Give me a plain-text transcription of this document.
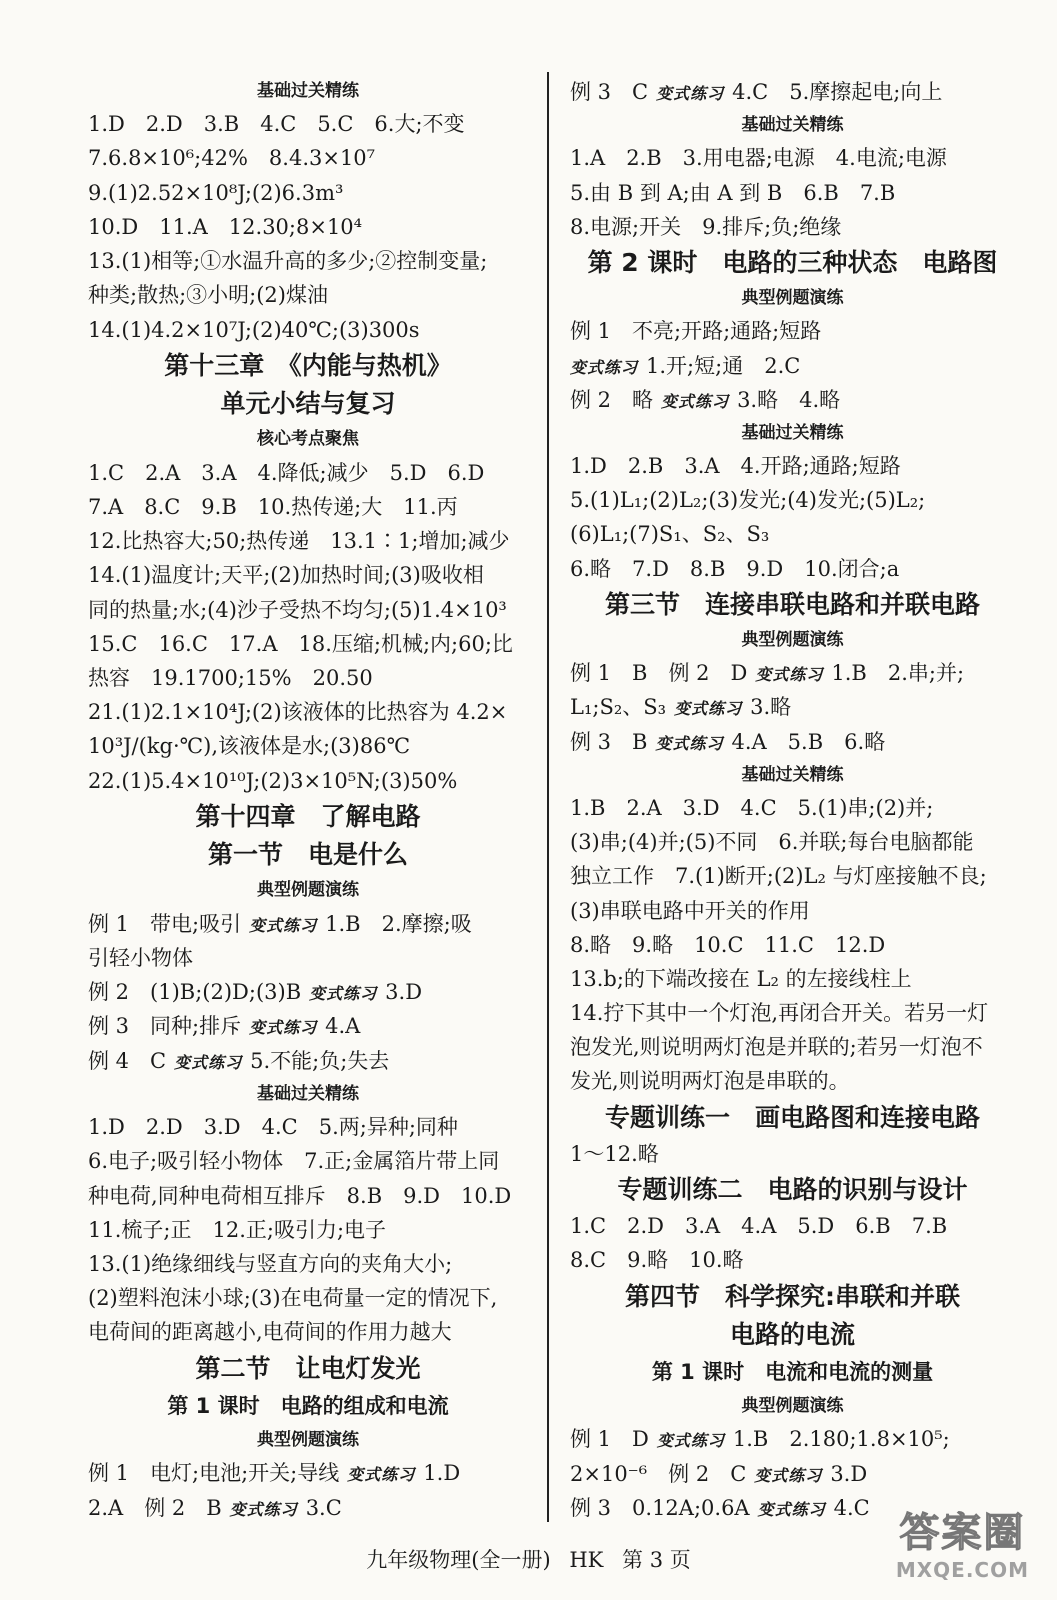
基础过关精练
1.D　2.D　3.B　4.C　5.C　6.大;不变
7.6.8×10⁶;42%　8.4.3×10⁷
9.(1)2.52×10⁸J;(2)6.3m³
10.D　11.A　12.30;8×10⁴
13.(1)相等;①水温升高的多少;②控制变量;
种类;散热;③小明;(2)煤油
14.(1)4.2×10⁷J;(2)40℃;(3)300s
第十三章　《内能与热机》
单元小结与复习
核心考点聚焦
1.C　2.A　3.A　4.降低;减少　5.D　6.D
7.A　8.C　9.B　10.热传递;大　11.丙
12.比热容大;50;热传递　13.1∶1;增加;减少
14.(1)温度计;天平;(2)加热时间;(3)吸收相
同的热量;水;(4)沙子受热不均匀;(5)1.4×10³
15.C　16.C　17.A　18.压缩;机械;内;60;比
热容　19.1700;15%　20.50
21.(1)2.1×10⁴J;(2)该液体的比热容为 4.2×
10³J/(kg·℃),该液体是水;(3)86℃
22.(1)5.4×10¹⁰J;(2)3×10⁵N;(3)50%
第十四章　了解电路
第一节　电是什么
典型例题演练
例 1　带电;吸引 变式练习 1.B　2.摩擦;吸
引轻小物体
例 2　(1)B;(2)D;(3)B 变式练习 3.D
例 3　同种;排斥 变式练习 4.A
例 4　C 变式练习 5.不能;负;失去
基础过关精练
1.D　2.D　3.D　4.C　5.两;异种;同种
6.电子;吸引轻小物体　7.正;金属箔片带上同
种电荷,同种电荷相互排斥　8.B　9.D　10.D
11.梳子;正　12.正;吸引力;电子
13.(1)绝缘细线与竖直方向的夹角大小;
(2)塑料泡沫小球;(3)在电荷量一定的情况下,
电荷间的距离越小,电荷间的作用力越大
第二节　让电灯发光
第 1 课时　电路的组成和电流
典型例题演练
例 1　电灯;电池;开关;导线 变式练习 1.D
2.A　例 2　B 变式练习 3.C
例 3　C 变式练习 4.C　5.摩擦起电;向上
基础过关精练
1.A　2.B　3.用电器;电源　4.电流;电源
5.由 B 到 A;由 A 到 B　6.B　7.B
8.电源;开关　9.排斥;负;绝缘
第 2 课时　电路的三种状态　电路图
典型例题演练
例 1　不亮;开路;通路;短路
变式练习 1.开;短;通　2.C
例 2　略 变式练习 3.略　4.略
基础过关精练
1.D　2.B　3.A　4.开路;通路;短路
5.(1)L₁;(2)L₂;(3)发光;(4)发光;(5)L₂;
(6)L₁;(7)S₁、S₂、S₃
6.略　7.D　8.B　9.D　10.闭合;a
第三节　连接串联电路和并联电路
典型例题演练
例 1　B　例 2　D 变式练习 1.B　2.串;并;
L₁;S₂、S₃ 变式练习 3.略
例 3　B 变式练习 4.A　5.B　6.略
基础过关精练
1.B　2.A　3.D　4.C　5.(1)串;(2)并;
(3)串;(4)并;(5)不同　6.并联;每台电脑都能
独立工作　7.(1)断开;(2)L₂ 与灯座接触不良;
(3)串联电路中开关的作用
8.略　9.略　10.C　11.C　12.D
13.b;的下端改接在 L₂ 的左接线柱上
14.拧下其中一个灯泡,再闭合开关。若另一灯
泡发光,则说明两灯泡是并联的;若另一灯泡不
发光,则说明两灯泡是串联的。
专题训练一　画电路图和连接电路
1～12.略
专题训练二　电路的识别与设计
1.C　2.D　3.A　4.A　5.D　6.B　7.B
8.C　9.略　10.略
第四节　科学探究:串联和并联
电路的电流
第 1 课时　电流和电流的测量
典型例题演练
例 1　D 变式练习 1.B　2.180;1.8×10⁵;
2×10⁻⁶　例 2　C 变式练习 3.D
例 3　0.12A;0.6A 变式练习 4.C
九年级物理(全一册) HK 第 3 页
答案圈
MXQE.COM
